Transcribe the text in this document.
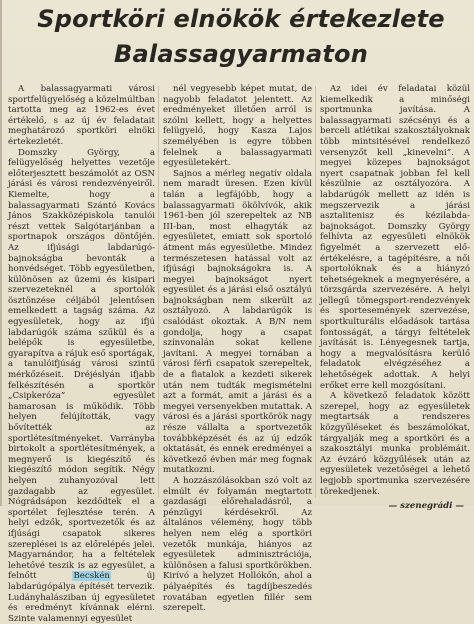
Sportköri elnökök értekezlete
Balassagyarmaton

A balassagyarmati városi sportfelügyelőség a közelmúltban tartotta meg az 1962-es évet értékelő, s az új év feladatait meghatározó sportköri elnöki értekezletét.

Domszky György, a felügyelőség helyettes vezetője előterjesztett beszámolót az OSN járási és városi rendezvényeiről. Kiemelte, hogy a balassagyarmati Szántó Kovács János Szakközépiskola tanulói részt vettek Salgótarjánban a sportnapok országos döntőjén. Az ifjúsági labdarúgó-bajnokságba bevonták a honvédséget. Több egyesületben, különösen az üzemi és kisipari szervezeteknél a sportolók ösztönzése céljából jelentősen emelkedett a tagság száma. Az egyesületek, hogy az ifjú labdarúgók száma szűkül és a belépők is egyesületbe, gyarapítva a rájuk eső sportágak, a tanulóifjúság városi szintű mérkőzéseit. Dréjéslyán ifjabb felkészítésén a sportkör „Csipkeróza” egyesület hamarosan is működik. Több helyen felújították, vagy bővítették az sportlétesítményeket. Varrányba birtokolt a sportlétesítmények, a megnyerő is kiegészítő és kiegészítő módon segítik. Négy helyen zuhanyozóval lett gazdagabb az egyesület. Nógrádsápon kezdődtek el a sportélet fejlesztése terén. A helyi edzők, sportvezetők és az ifjúsági csapatok sikeres szereplései is az előrelépés jelei. Magyarnándor, ha a feltételek lehetővé teszik is az egyesület, a felnőtt Becskén új labdarúgópálya építését tervezik. Ludányhalásziban új egyesületet és eredményt kívánnak elérni. Szinte valamennyi egyesület

nél vegyesebb képet mutat, de nagyobb feladatot jelentett. Az eredményeket illetően arról is szólni kellett, hogy a helyettes felügyelő, hogy Kasza Lajos személyében is egyre többen felelnek a balassagyarmati egyesületekért.

Sajnos a mérleg negatív oldala nem maradt üresen. Ezen kívül talán a legfájóbb, hogy a balassagyarmati ökölvívók, akik 1961-ben jól szerepeltek az NB III-ban, most elhagyták az egyesületet, emiatt sok sportoló átment más egyesületbe. Mindez természetesen hatással volt az ifjúsági bajnokságokra is. A megyei bajnokságot nyert egyesület és a járási első osztályú bajnokságban nem sikerült az osztályozó. A labdarúgók is csalódást okoztak. A B/N nem gondolja, hogy a csapat színvonalán sokat kellene javítani. A megyei tornában a városi férfi csapatok szerepeltek, de a fiatalok a kezdeti sikerek után nem tudták megismételni azt a formát, amit a járási és a megyei versenyekben mutattak. A városi és a járási sportkörök nagy része vállalta a sportvezetők továbbképzését és az új edzők oktatását, és ennek eredményei a következő évben már meg fognak mutatkozni.

A hozzászólásokban szó volt az elmúlt év folyamán megtartott gazdasági előrehaladásról, a pénzügyi kérdésekről. Az általános vélemény, hogy több helyen nem elég a sportköri vezetők munkája, hiányos az egyesületek adminisztrációja, különösen a falusi sportkörökben. Kirívó a helyzet Hollókőn, ahol a pályaépítés és tagdíjbeszedés rovatában egyetlen fillér sem szerepelt.

Az idei év feladatai közül kiemelkedik a minőségi sportmunka javítása. A balassagyarmati szécsényi és a berceli atlétikai szakosztályoknak több mintsitésével rendelkező versenyzőt kell „kinevelni”. A megyei közepes bajnokságot nyert csapatnak jobban fel kell készülnie az osztályozóra. A labdarúgók mellett az idén is megszervezik a járási asztalitenisz és kézilabda-bajnokságot. Domszky György felhívta az egyesületi elnökök figyelmét a szervezett elő-értékelésre, a tagépítésre, a női sportolóknak és a hiányzó tehetségeknek a megnyerésére, a törzsgárda szervezésére. A helyi jellegű tömegsport-rendezvények és sportesemények szervezése, sportkulturális előadások tartása fontosságát, a tárgyi feltételek javítását is. Lényegesnek tartja, hogy a megvalósításra kerülő feladatok elvégzéséhez a lehetőségek adottak. A helyi erőket erre kell mozgósítani.

A következő feladatok között szerepel, hogy az egyesületek megtartsák a rendszeres közgyűléseket és beszámolókat, tárgyalják meg a sportköri és a szakosztályi munka problémáit. Az évzáró közgyűlések után az egyesületek vezetőségei a lehető legjobb sportmunka szervezésére törekedjenek.

— szenegrádi —
